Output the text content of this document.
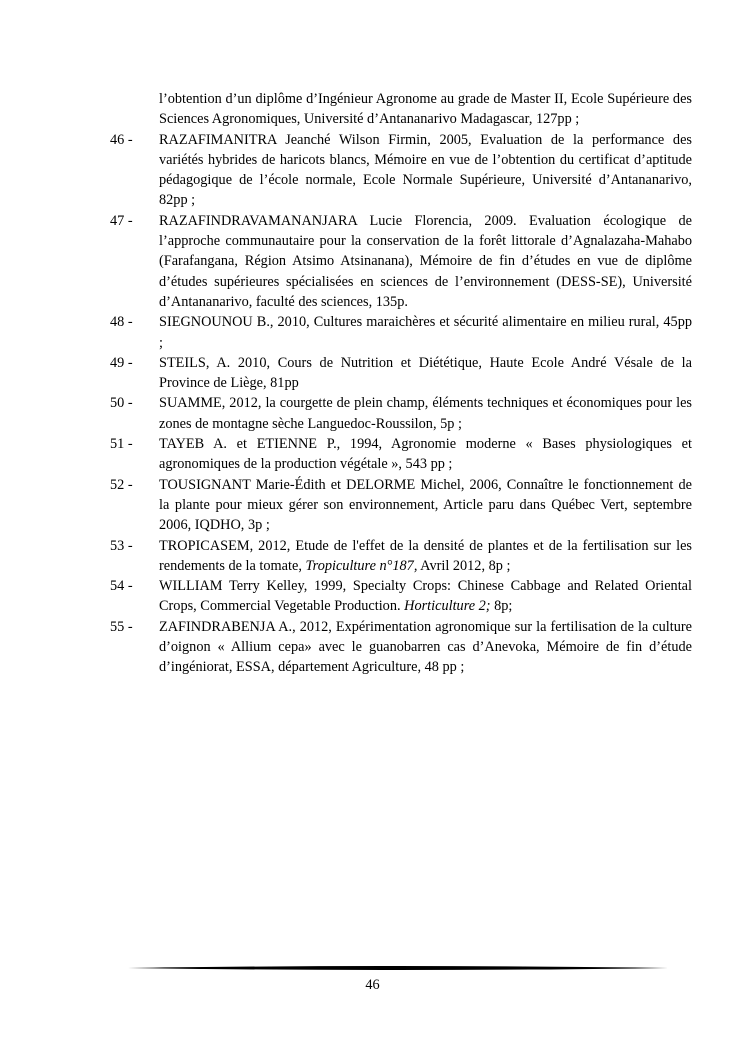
l’obtention d’un diplôme d’Ingénieur Agronome au grade de Master II, Ecole Supérieure des Sciences Agronomiques, Université d’Antananarivo Madagascar, 127pp ;
46 -	RAZAFIMANITRA Jeanché Wilson Firmin, 2005, Evaluation de la performance des variétés hybrides de haricots blancs, Mémoire en vue de l’obtention du certificat d’aptitude pédagogique de l’école normale, Ecole Normale Supérieure, Université d’Antananarivo, 82pp ;
47 -	RAZAFINDRAVAMANANJARA Lucie Florencia, 2009. Evaluation écologique de l’approche communautaire pour la conservation de la forêt littorale d’Agnalazaha-Mahabo (Farafangana, Région Atsimo Atsinanana), Mémoire de fin d’études en vue de diplôme d’études supérieures spécialisées en sciences de l’environnement (DESS-SE), Université d’Antananarivo, faculté des sciences, 135p.
48 -	SIEGNOUNOU B., 2010, Cultures maraichères et sécurité alimentaire en milieu rural, 45pp ;
49 -	STEILS, A. 2010, Cours de Nutrition et Diététique, Haute Ecole André Vésale de la Province de Liège, 81pp
50 -	SUAMME, 2012, la courgette de plein champ, éléments techniques et économiques pour les zones de montagne sèche Languedoc-Roussilon, 5p ;
51 -	TAYEB A. et ETIENNE P., 1994, Agronomie moderne « Bases physiologiques et agronomiques de la production végétale », 543 pp ;
52 -	TOUSIGNANT Marie-Édith et DELORME Michel, 2006, Connaître le fonctionnement de la plante pour mieux gérer son environnement, Article paru dans Québec Vert, septembre 2006, IQDHO, 3p ;
53 -	TROPICASEM, 2012, Etude de l'effet de la densité de plantes et de la fertilisation sur les rendements de la tomate, Tropiculture n°187, Avril 2012, 8p ;
54 -	WILLIAM Terry Kelley, 1999, Specialty Crops: Chinese Cabbage and Related Oriental Crops, Commercial Vegetable Production. Horticulture 2; 8p;
55 -	ZAFINDRABENJA A., 2012, Expérimentation agronomique sur la fertilisation de la culture d’oignon « Allium cepa» avec le guanobarren cas d’Anevoka, Mémoire de fin d’étude d’ingéniorat, ESSA, département Agriculture, 48 pp ;
46
